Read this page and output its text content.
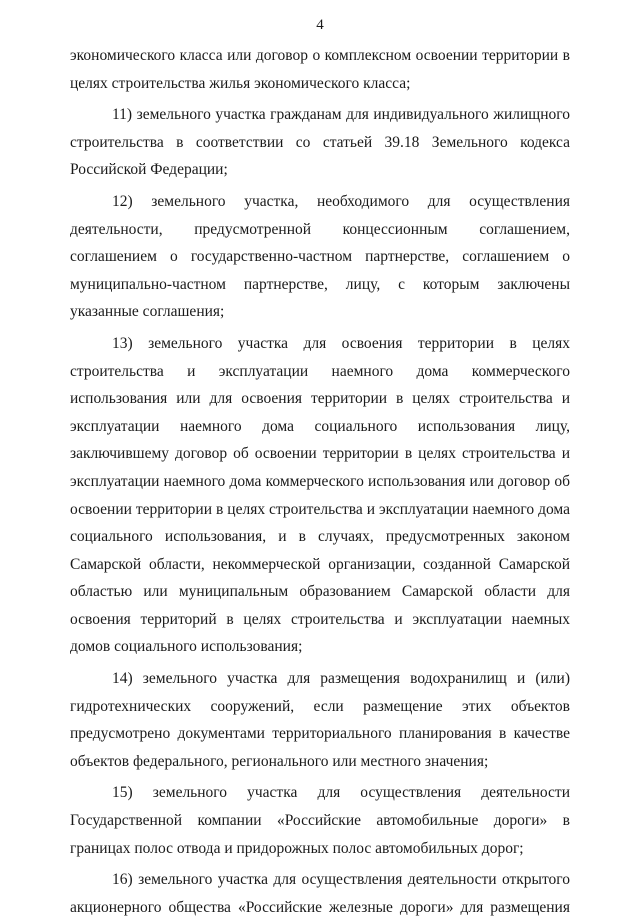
4

экономического класса или договор о комплексном освоении территории в целях строительства жилья экономического класса;

11) земельного участка гражданам для индивидуального жилищного строительства в соответствии со статьей 39.18 Земельного кодекса Российской Федерации;

12) земельного участка, необходимого для осуществления деятельности, предусмотренной концессионным соглашением, соглашением о государственно-частном партнерстве, соглашением о муниципально-частном партнерстве, лицу, с которым заключены указанные соглашения;

13) земельного участка для освоения территории в целях строительства и эксплуатации наемного дома коммерческого использования или для освоения территории в целях строительства и эксплуатации наемного дома социального использования лицу, заключившему договор об освоении территории в целях строительства и эксплуатации наемного дома коммерческого использования или договор об освоении территории в целях строительства и эксплуатации наемного дома социального использования, и в случаях, предусмотренных законом Самарской области, некоммерческой организации, созданной Самарской областью или муниципальным образованием Самарской области для освоения территорий в целях строительства и эксплуатации наемных домов социального использования;

14) земельного участка для размещения водохранилищ и (или) гидротехнических сооружений, если размещение этих объектов предусмотрено документами территориального планирования в качестве объектов федерального, регионального или местного значения;

15) земельного участка для осуществления деятельности Государственной компании «Российские автомобильные дороги» в границах полос отвода и придорожных полос автомобильных дорог;

16) земельного участка для осуществления деятельности открытого акционерного общества «Российские железные дороги» для размещения
